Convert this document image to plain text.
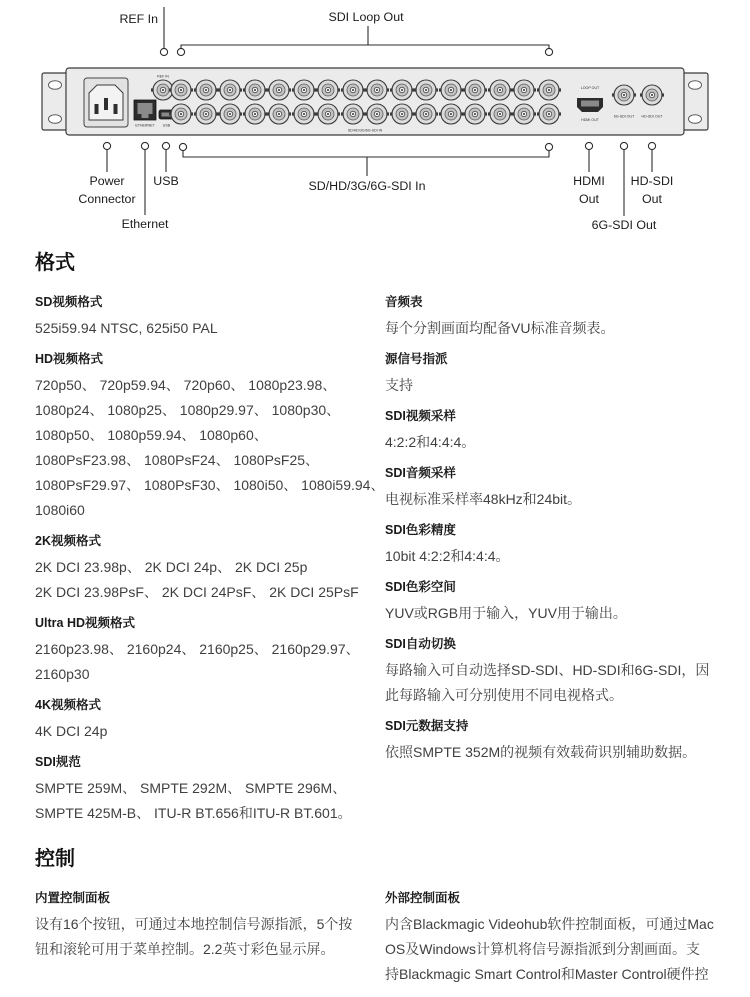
REF In	SDI Loop Out
REF IN
ETHERNET USB
SD/HD/3G/6G-SDI IN
LOOP OUT
HDMI OUT
6G-SDI OUT HD-SDI OUT
Power
Connector
USB
Ethernet
SD/HD/3G/6G-SDI In	HDMI
Out
HD-SDI
Out
6G-SDI Out
格式
SD视频格式
525i59.94 NTSC, 625i50 PAL
HD视频格式
720p50、 720p59.94、 720p60、 1080p23.98、
1080p24、 1080p25、 1080p29.97、 1080p30、
1080p50、 1080p59.94、 1080p60、
1080PsF23.98、 1080PsF24、 1080PsF25、
1080PsF29.97、 1080PsF30、 1080i50、 1080i59.94、
1080i60
2K视频格式
2K DCI 23.98p、 2K DCI 24p、 2K DCI 25p
2K DCI 23.98PsF、 2K DCI 24PsF、 2K DCI 25PsF
Ultra HD视频格式
2160p23.98、 2160p24、 2160p25、 2160p29.97、
2160p30
4K视频格式
4K DCI 24p
SDI规范
SMPTE 259M、 SMPTE 292M、 SMPTE 296M、
SMPTE 425M-B、 ITU-R BT.656和ITU-R BT.601。
音频表
每个分割画面均配备VU标准音频表。
源信号指派
支持
SDI视频采样
4:2:2和4:4:4。
SDI音频采样
电视标准采样率48kHz和24bit。
SDI色彩精度
10bit 4:2:2和4:4:4。
SDI色彩空间
YUV或RGB用于输入，YUV用于输出。
SDI自动切换
每路输入可自动选择SD-SDI、HD-SDI和6G-SDI，因
此每路输入可分别使用不同电视格式。
SDI元数据支持
依照SMPTE 352M的视频有效载荷识别辅助数据。
控制
内置控制面板
设有16个按钮，可通过本地控制信号源指派，5个按
钮和滚轮可用于菜单控制。2.2英寸彩色显示屏。
外部控制面板
内含Blackmagic Videohub软件控制面板，可通过Mac
OS及Windows计算机将信号源指派到分割画面。支
持Blackmagic Smart Control和Master Control硬件控
